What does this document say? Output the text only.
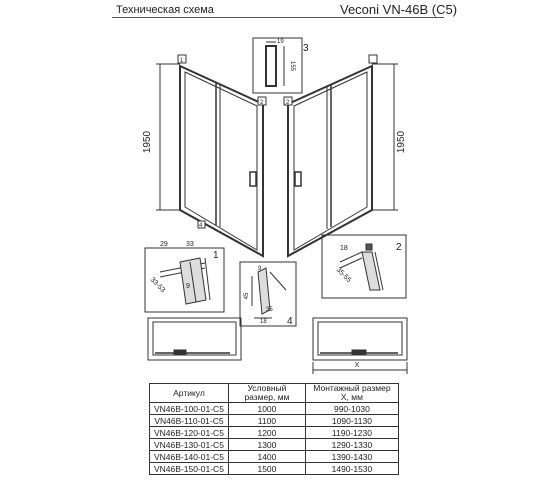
Техническая схема	Veconi VN-46B (C5)
1950
1
2
4
1950
2
19
155
3
29	33
33-53	9
1
18
35-55
2
9
45
18
35
4
X
Артикул	Условный размер, мм	Монтажный размер X, мм
VN46B-100-01-C5	1000	990-1030
VN46B-110-01-C5	1100	1090-1130
VN46B-120-01-C5	1200	1190-1230
VN46B-130-01-C5	1300	1290-1330
VN46B-140-01-C5	1400	1390-1430
VN46B-150-01-C5	1500	1490-1530
